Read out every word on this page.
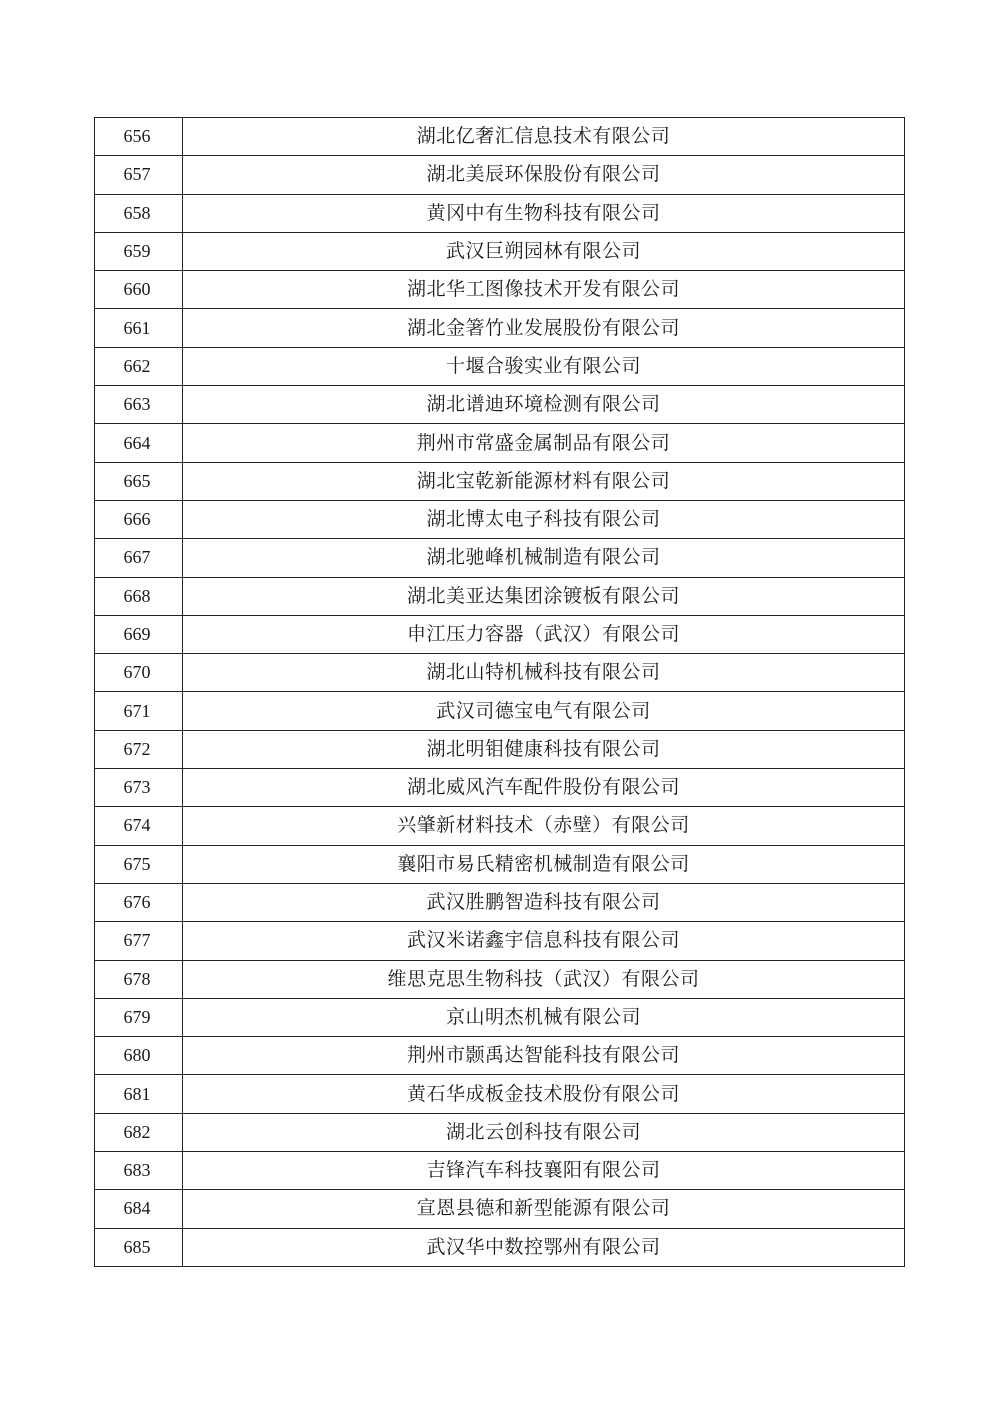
656	湖北亿奢汇信息技术有限公司
657	湖北美辰环保股份有限公司
658	黄冈中有生物科技有限公司
659	武汉巨朔园林有限公司
660	湖北华工图像技术开发有限公司
661	湖北金箸竹业发展股份有限公司
662	十堰合骏实业有限公司
663	湖北谱迪环境检测有限公司
664	荆州市常盛金属制品有限公司
665	湖北宝乾新能源材料有限公司
666	湖北博太电子科技有限公司
667	湖北驰峰机械制造有限公司
668	湖北美亚达集团涂镀板有限公司
669	申江压力容器（武汉）有限公司
670	湖北山特机械科技有限公司
671	武汉司德宝电气有限公司
672	湖北明钼健康科技有限公司
673	湖北威风汽车配件股份有限公司
674	兴肇新材料技术（赤壁）有限公司
675	襄阳市易氏精密机械制造有限公司
676	武汉胜鹏智造科技有限公司
677	武汉米诺鑫宇信息科技有限公司
678	维思克思生物科技（武汉）有限公司
679	京山明杰机械有限公司
680	荆州市颢禹达智能科技有限公司
681	黄石华成板金技术股份有限公司
682	湖北云创科技有限公司
683	吉锋汽车科技襄阳有限公司
684	宣恩县德和新型能源有限公司
685	武汉华中数控鄂州有限公司
